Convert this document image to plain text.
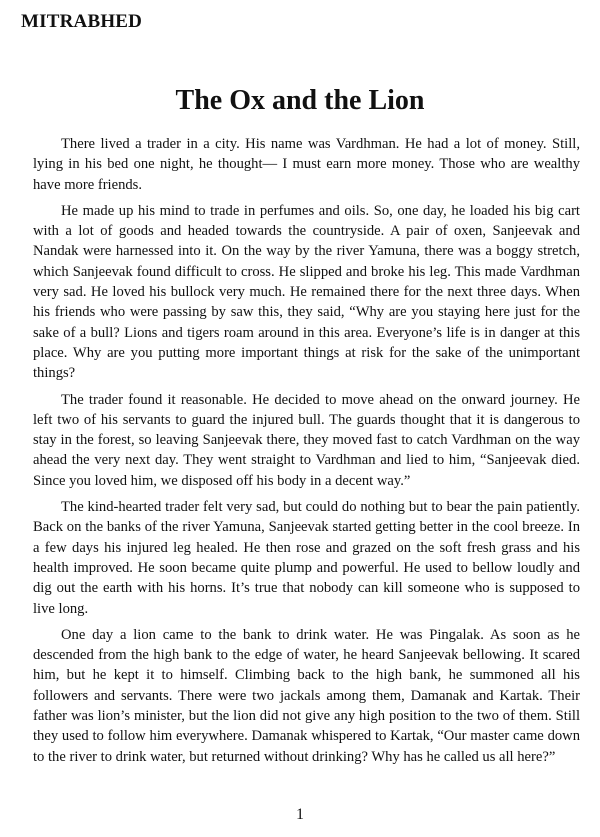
MITRABHED
The Ox and the Lion

There lived a trader in a city. His name was Vardhman. He had a lot of money. Still, lying in his bed one night, he thought— I must earn more money. Those who are wealthy have more friends.

He made up his mind to trade in perfumes and oils. So, one day, he loaded his big cart with a lot of goods and headed towards the countryside. A pair of oxen, Sanjeevak and Nandak were harnessed into it. On the way by the river Yamuna, there was a boggy stretch, which Sanjeevak found difficult to cross. He slipped and broke his leg. This made Vardhman very sad. He loved his bullock very much. He remained there for the next three days. When his friends who were passing by saw this, they said, “Why are you staying here just for the sake of a bull? Lions and tigers roam around in this area. Everyone’s life is in danger at this place. Why are you putting more important things at risk for the sake of the unimportant things?

The trader found it reasonable. He decided to move ahead on the onward journey. He left two of his servants to guard the injured bull. The guards thought that it is dangerous to stay in the forest, so leaving Sanjeevak there, they moved fast to catch Vardhman on the way ahead the very next day. They went straight to Vardhman and lied to him, “Sanjeevak died. Since you loved him, we disposed off his body in a decent way.”

The kind-hearted trader felt very sad, but could do nothing but to bear the pain patiently. Back on the banks of the river Yamuna, Sanjeevak started getting better in the cool breeze. In a few days his injured leg healed. He then rose and grazed on the soft fresh grass and his health improved. He soon became quite plump and powerful. He used to bellow loudly and dig out the earth with his horns. It’s true that nobody can kill someone who is supposed to live long.

One day a lion came to the bank to drink water. He was Pingalak. As soon as he descended from the high bank to the edge of water, he heard Sanjeevak bellowing. It scared him, but he kept it to himself. Climbing back to the high bank, he summoned all his followers and servants. There were two jackals among them, Damanak and Kartak. Their father was lion’s minister, but the lion did not give any high position to the two of them. Still they used to follow him everywhere. Damanak whispered to Kartak, “Our master came down to the river to drink water, but returned without drinking? Why has he called us all here?”

1
